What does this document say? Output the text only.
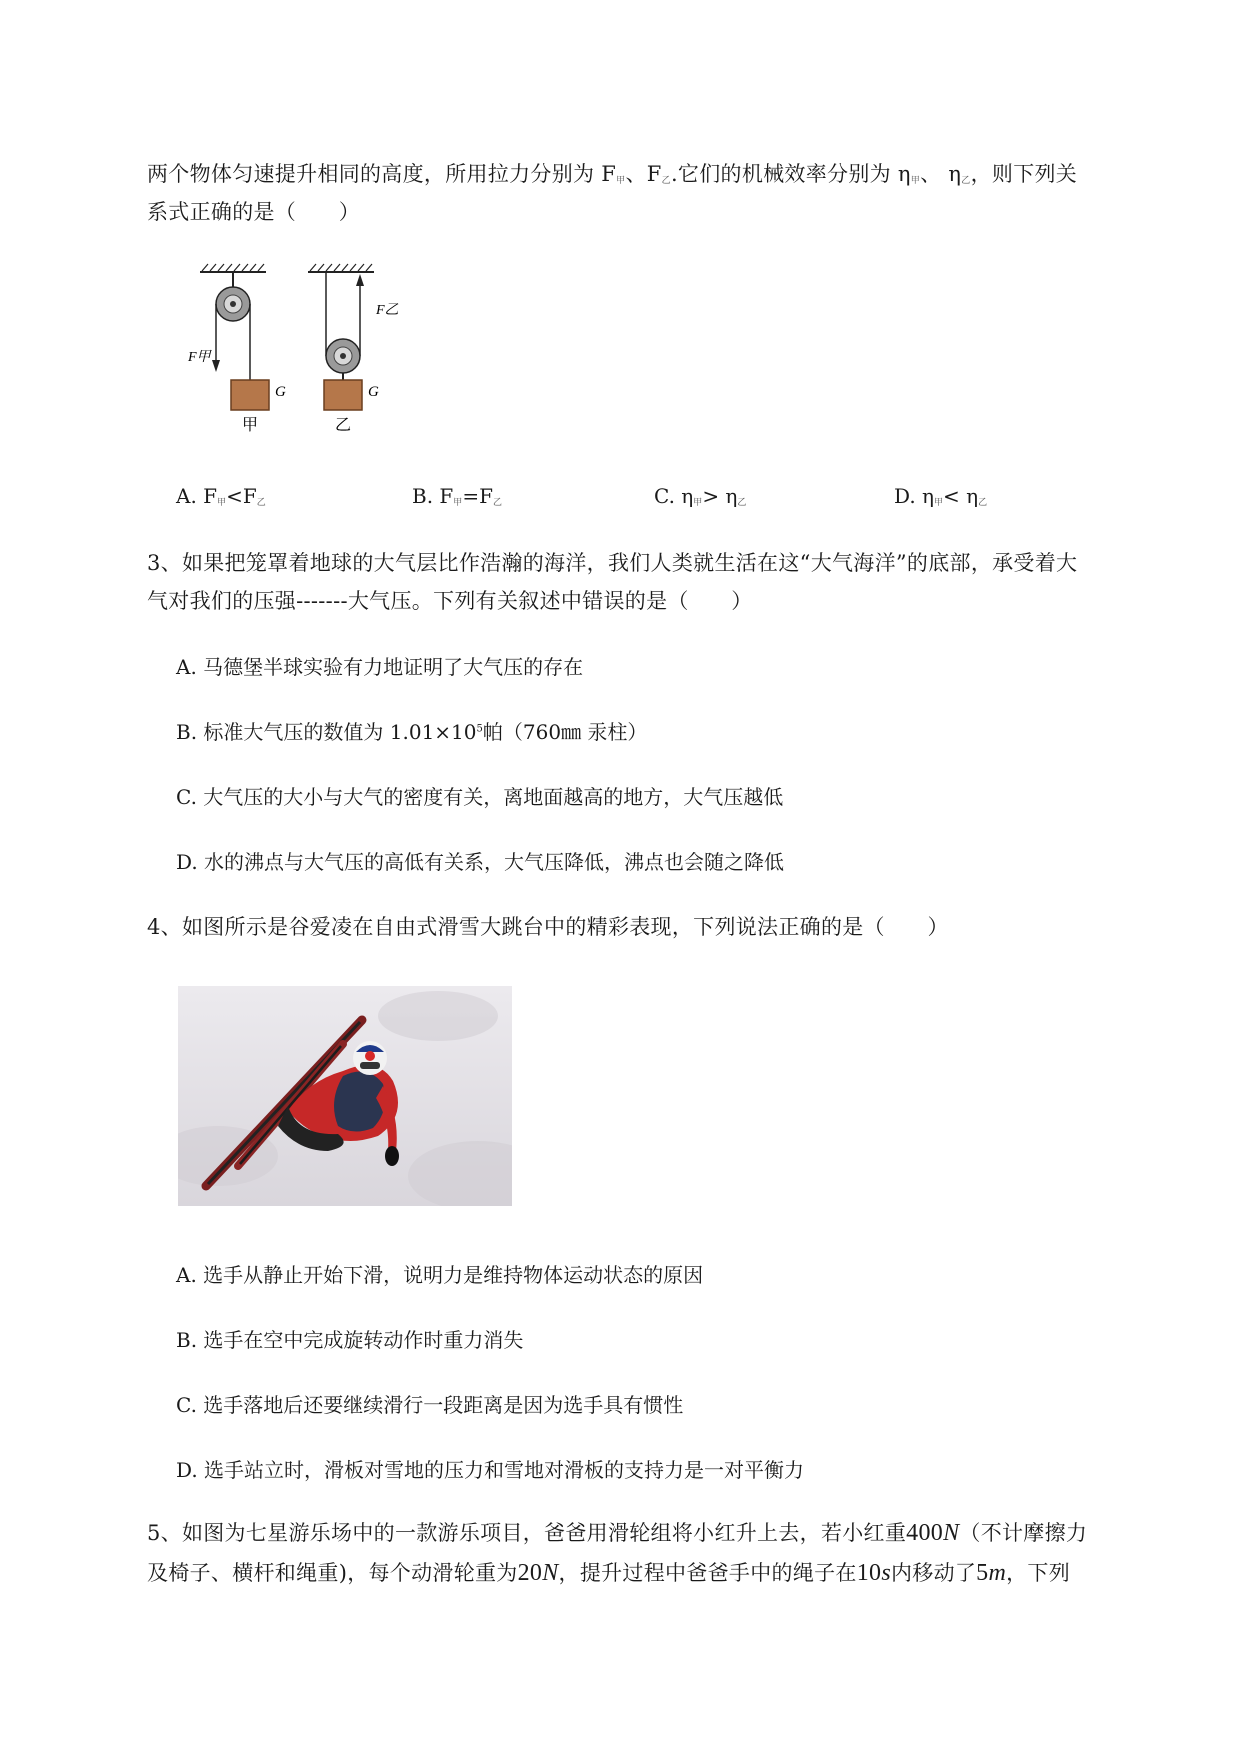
两个物体匀速提升相同的高度，所用拉力分别为 $F_甲$、$F_乙$.它们的机械效率分别为 $\eta_甲$、 $\eta_乙$，则下列关
系式正确的是（　　）
F甲
G
甲
F乙
G
乙
A. $F_甲<F_乙$	B. $F_甲=F_乙$	C. $\eta_甲> \eta_乙$	D. $\eta_甲< \eta_乙$
3、如果把笼罩着地球的大气层比作浩瀚的海洋，我们人类就生活在这“大气海洋”的底部，承受着大
气对我们的压强-------大气压。下列有关叙述中错误的是（　　）
A. 马德堡半球实验有力地证明了大气压的存在
B. 标准大气压的数值为 $1.01\times 10^5$帕（760㎜ 汞柱）
C. 大气压的大小与大气的密度有关，离地面越高的地方，大气压越低
D. 水的沸点与大气压的高低有关系，大气压降低，沸点也会随之降低
4、如图所示是谷爱凌在自由式滑雪大跳台中的精彩表现，下列说法正确的是（　　）
A. 选手从静止开始下滑，说明力是维持物体运动状态的原因
B. 选手在空中完成旋转动作时重力消失
C. 选手落地后还要继续滑行一段距离是因为选手具有惯性
D. 选手站立时，滑板对雪地的压力和雪地对滑板的支持力是一对平衡力
5、如图为七星游乐场中的一款游乐项目，爸爸用滑轮组将小红升上去，若小红重400N（不计摩擦力
及椅子、横杆和绳重)，每个动滑轮重为20N，提升过程中爸爸手中的绳子在10s内移动了5m，下列
